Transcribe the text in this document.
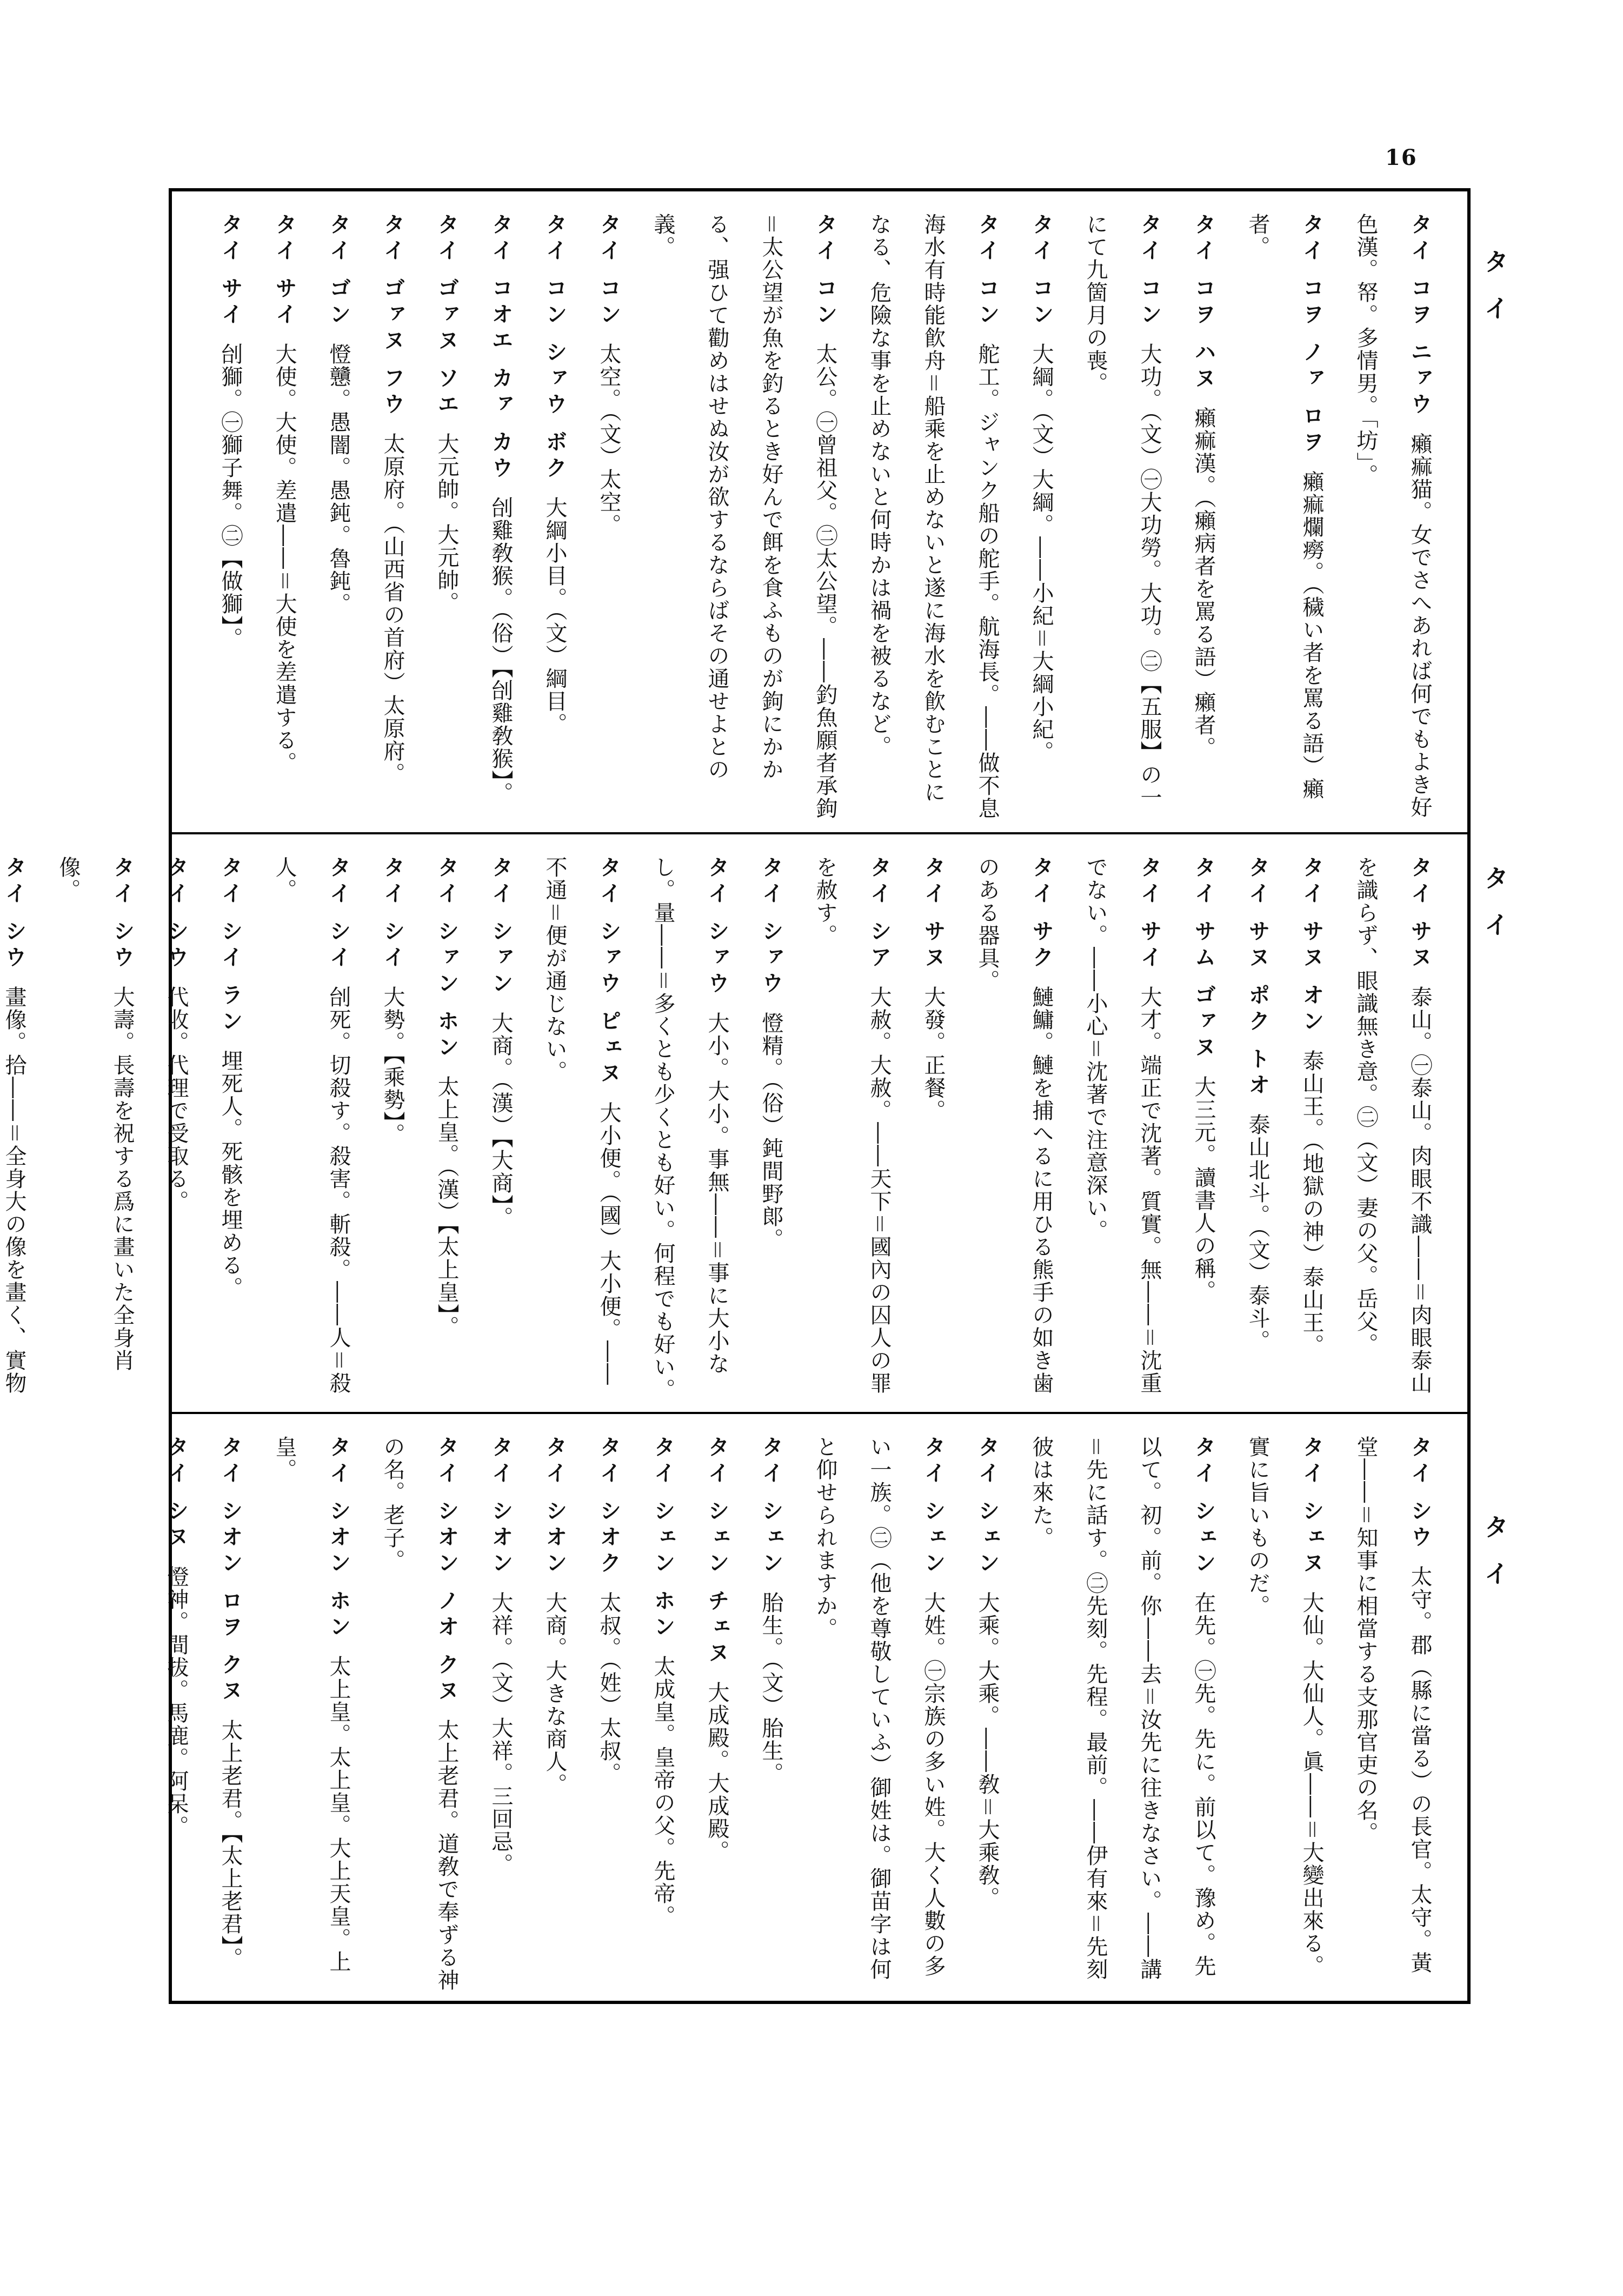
16
タイ
タイ
タイ
タイ コヲ ニァウ癩痲猫。女でさへあれば何でもよき好色漢。帑。多情男。「坊」。
タイ コヲ ノァ ロヲ癩痲爛癆。（穢い者を罵る語）癩者。
タイ コヲ ハヌ癩痲漢。（癩病者を罵る語）癩者。
タイ コン大功。（文）㊀大功勞。大功。㊁【五服】の一にて九箇月の喪。
タイ コン大綱。（文）大綱。――小紀＝大綱小紀。
タイ コン舵工。ジャンク船の舵手。航海長。――做不息海水有時能飮舟＝船乘を止めないと遂に海水を飮むことになる、危險な事を止めないと何時かは禍を被るなど。
タイ コン太公。㊀曾祖父。㊁太公望。――釣魚願者承鉤＝太公望が魚を釣るとき好んで餌を食ふものが鉤にかかる、强ひて勸めはせぬ汝が欲するならばその通せよとの義。
タイ コン太空。（文）太空。
タイ コン シァウ ボク大綱小目。（文）綱目。
タイ コオエ カァ カウ刣雞敎猴。（俗）【刣雞敎猴】。
タイ ゴァヌ ソエ大元帥。大元帥。
タイ ゴァヌ フウ太原府。（山西省の首府）太原府。
タイ ゴン憕戇。愚闇。愚鈍。魯鈍。
タイ サイ大使。大使。差遣――＝大使を差遣する。
タイ サイ刣獅。㊀獅子舞。㊁【做獅】。
タイ サヌ泰山。㊀泰山。肉眼不識――＝肉眼泰山を識らず、眼識無き意。㊁（文）妻の父。岳父。
タイ サヌ オン泰山王。（地獄の神）泰山王。
タイ サヌ ポク トオ泰山北斗。（文）泰斗。
タイ サム ゴァヌ大三元。讀書人の稱。
タイ サイ大才。端正で沈著。質實。無――＝沈重でない。――小心＝沈著で注意深い。
タイ サク鰱鱅。鰱を捕へるに用ひる熊手の如き歯のある器具。
タイ サヌ大發。正餐。
タイ シア大赦。大赦。――天下＝國內の囚人の罪を赦す。
タイ シァウ憕精。（俗）鈍間野郞。
タイ シァウ大小。大小。事無――＝事に大小なし。量――＝多くとも少くとも好い。何程でも好い。
タイ シァウ ピェヌ大小便。（國）大小便。――不通＝便が通じない。
タイ シァン大商。（漢）【大商】。
タイ シァン ホン太上皇。（漢）【太上皇】。
タイ シイ大勢。【乘勢】。
タイ シイ刣死。切殺す。殺害。斬殺。――人＝殺人。
タイ シイ ラン埋死人。死骸を埋める。
タイ シウ代收。代理で受取る。
タイ シウ大壽。長壽を祝する爲に畫いた全身肖像。
タイ シウ畫像。拾――＝全身大の像を畫く、實物
タイ シウ太守。郡（縣に當る）の長官。太守。黃堂――＝知事に相當する支那官吏の名。
タイ シェヌ大仙。大仙人。眞――＝大變出來る。實に旨いものだ。
タイ シェン在先。㊀先。先に。前以て。豫め。先以て。初。前。你――去＝汝先に往きなさい。――講＝先に話す。㊁先刻。先程。最前。――伊有來＝先刻彼は來た。
タイ シェン大乘。大乘。――敎＝大乘敎。
タイ シェン大姓。㊀宗族の多い姓。大く人數の多い一族。㊁（他を尊敬していふ）御姓は。御苗字は何と仰せられますか。
タイ シェン胎生。（文）胎生。
タイ シェン チェヌ大成殿。大成殿。
タイ シェン ホン太成皇。皇帝の父。先帝。
タイ シオク太叔。（姓）太叔。
タイ シオン大商。大きな商人。
タイ シオン大祥。（文）大祥。三回忌。
タイ シオン ノオ クヌ太上老君。道敎で奉ずる神の名。老子。
タイ シオン ホン太上皇。太上皇。大上天皇。上皇。
タイ シオン ロヲ クヌ太上老君。【太上老君】。
タイ シヌ憕神。間拔。馬鹿。阿呆。
